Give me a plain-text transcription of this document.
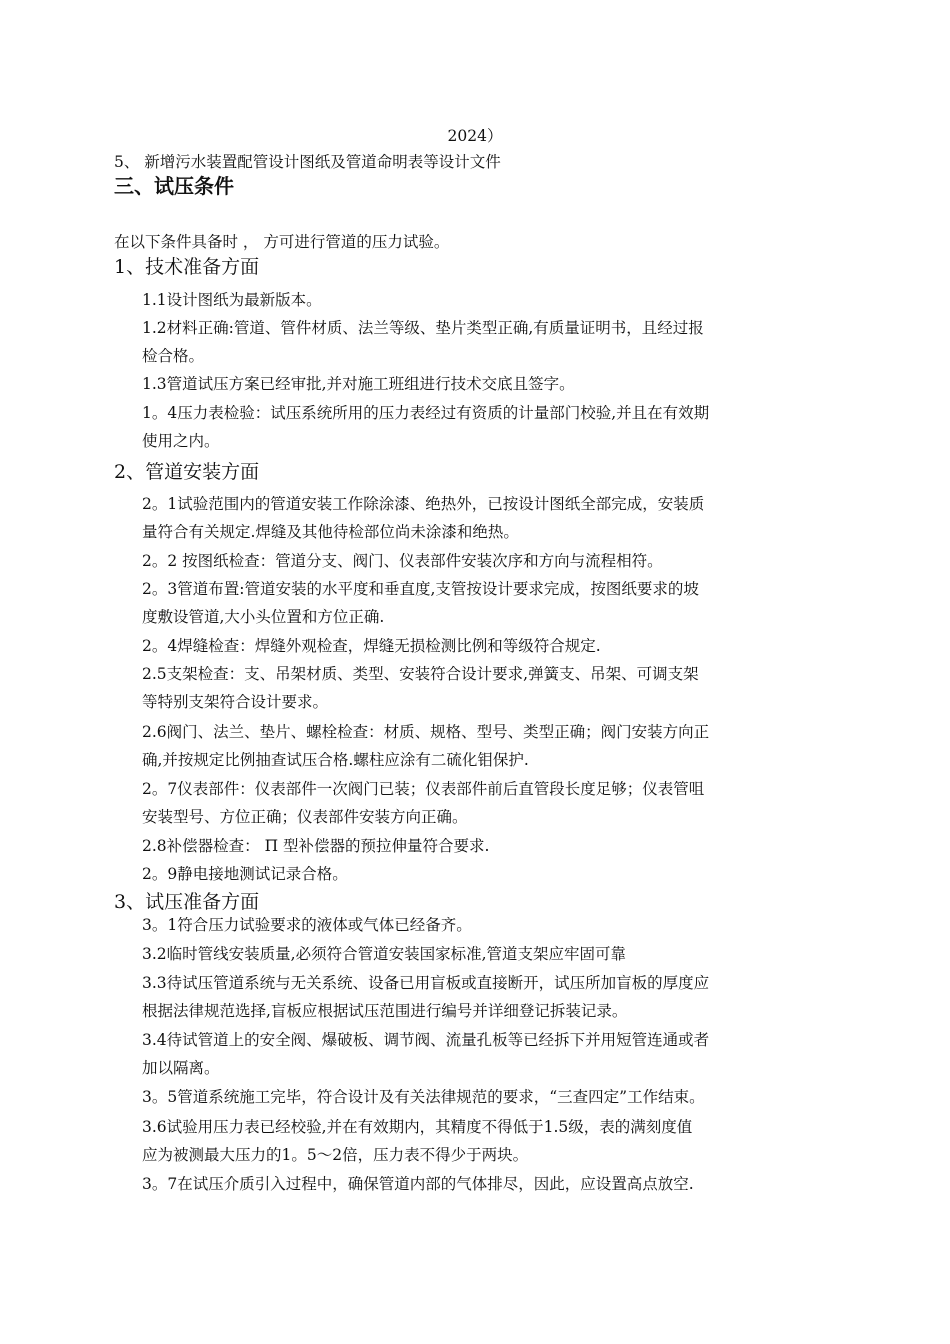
2024）
5、 新增污水装置配管设计图纸及管道命明表等设计文件
三、试压条件
在以下条件具备时 ， 方可进行管道的压力试验。
1、技术准备方面
1.1设计图纸为最新版本。
1.2材料正确:管道、管件材质、法兰等级、垫片类型正确,有质量证明书，且经过报
检合格。
1.3管道试压方案已经审批,并对施工班组进行技术交底且签字。
1。4压力表检验：试压系统所用的压力表经过有资质的计量部门校验,并且在有效期
使用之内。
2、管道安装方面
2。1试验范围内的管道安装工作除涂漆、绝热外，已按设计图纸全部完成，安装质
量符合有关规定.焊缝及其他待检部位尚未涂漆和绝热。
2。2 按图纸检查：管道分支、阀门、仪表部件安装次序和方向与流程相符。
2。3管道布置:管道安装的水平度和垂直度,支管按设计要求完成，按图纸要求的坡
度敷设管道,大小头位置和方位正确.
2。4焊缝检查：焊缝外观检查，焊缝无损检测比例和等级符合规定.
2.5支架检查：支、吊架材质、类型、安装符合设计要求,弹簧支、吊架、可调支架
等特别支架符合设计要求。
2.6阀门、法兰、垫片、螺栓检查：材质、规格、型号、类型正确；阀门安装方向正
确,并按规定比例抽查试压合格.螺柱应涂有二硫化钼保护.
2。7仪表部件：仪表部件一次阀门已装；仪表部件前后直管段长度足够；仪表管咀
安装型号、方位正确；仪表部件安装方向正确。
2.8补偿器检查： Π 型补偿器的预拉伸量符合要求.
2。9静电接地测试记录合格。
3、试压准备方面
3。1符合压力试验要求的液体或气体已经备齐。
3.2临时管线安装质量,必须符合管道安装国家标准,管道支架应牢固可靠
3.3待试压管道系统与无关系统、设备已用盲板或直接断开，试压所加盲板的厚度应
根据法律规范选择,盲板应根据试压范围进行编号并详细登记拆装记录。
3.4待试管道上的安全阀、爆破板、调节阀、流量孔板等已经拆下并用短管连通或者
加以隔离。
3。5管道系统施工完毕，符合设计及有关法律规范的要求，“三查四定”工作结束。
3.6试验用压力表已经校验,并在有效期内，其精度不得低于1.5级，表的满刻度值
应为被测最大压力的1。5～2倍，压力表不得少于两块。
3。7在试压介质引入过程中，确保管道内部的气体排尽，因此，应设置高点放空.
